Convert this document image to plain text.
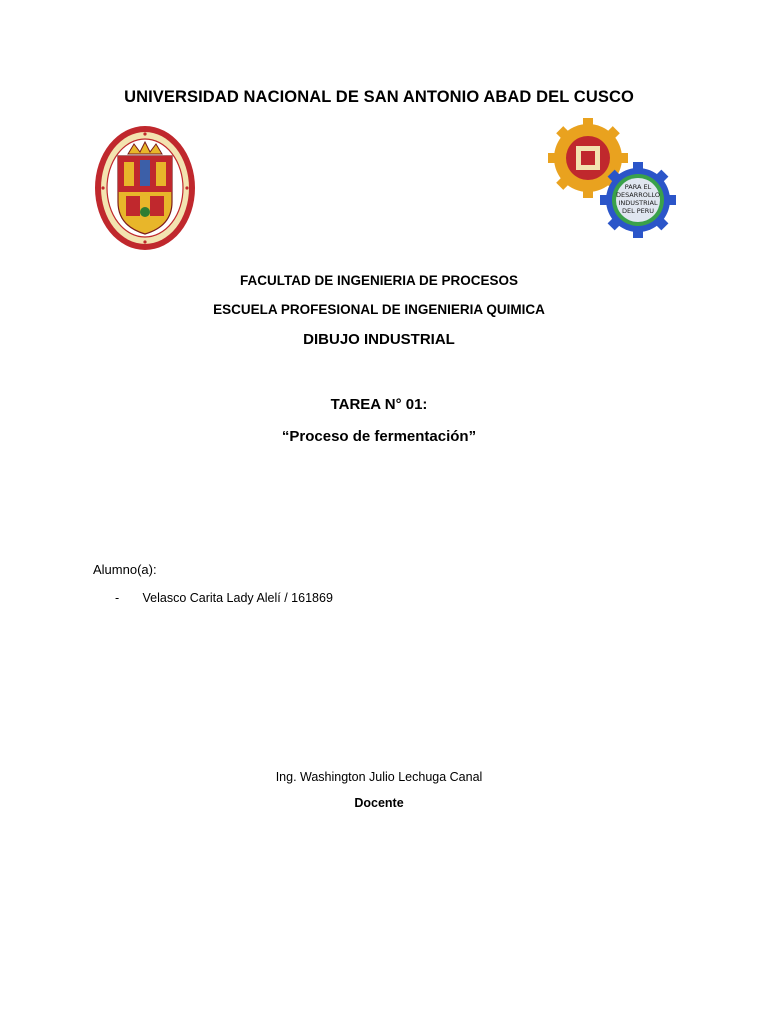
UNIVERSIDAD NACIONAL DE SAN ANTONIO ABAD DEL CUSCO
PARA EL
DESARROLLO
INDUSTRIAL
DEL PERU
FACULTAD DE INGENIERIA DE PROCESOS
ESCUELA PROFESIONAL DE INGENIERIA QUIMICA
DIBUJO INDUSTRIAL
TAREA N° 01:
“Proceso de fermentación”
Alumno(a):
- Velasco Carita Lady Alelí / 161869
Ing. Washington Julio Lechuga Canal
Docente
